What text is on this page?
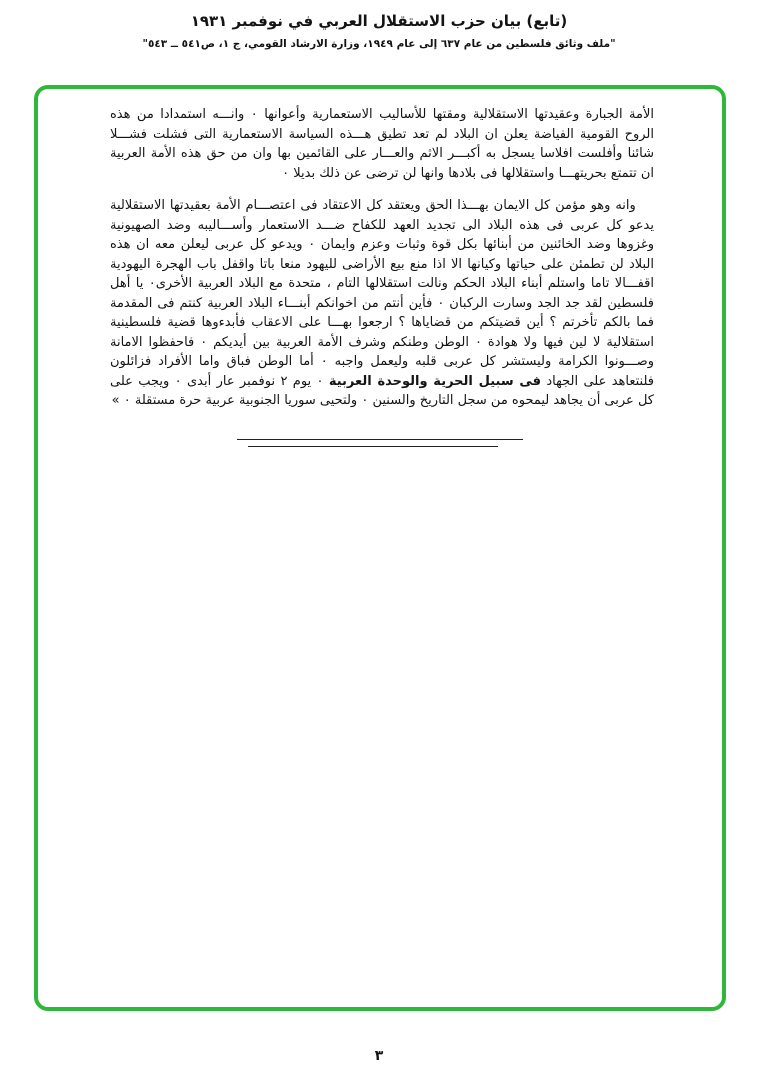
(تابع) بيان حزب الاستقلال العربي في نوفمبر ١٩٣١
"ملف وثائق فلسطين من عام ٦٣٧ إلى عام ١٩٤٩، وزارة الارشاد القومي، ج ١، ص٥٤١ ــ ٥٤٣"

الأمة الجبارة وعقيدتها الاستقلالية ومقتها للأساليب الاستعمارية وأعوانها ٠ وانـــه استمدادا من هذه الروح القومية الفياضة يعلن ان البلاد لم تعد تطيق هـــذه السياسة الاستعمارية التى فشلت فشـــلا شائنا وأفلست افلاسا يسجل به أكبـــر الاثم والعـــار على القائمين بها وان من حق هذه الأمة العربية ان تتمتع بحريتهـــا واستقلالها فى بلادها وانها لن ترضى عن ذلك بديلا ٠

وانه وهو مؤمن كل الايمان بهـــذا الحق ويعتقد كل الاعتقاد فى اعتصـــام الأمة بعقيدتها الاستقلالية يدعو كل عربى فى هذه البلاد الى تجديد العهد للكفاح ضـــد الاستعمار وأســـاليبه وضد الصهيونية وغزوها وضد الخائنين من أبنائها بكل قوة وثبات وعزم وايمان ٠ ويدعو كل عربى ليعلن معه ان هذه البلاد لن تطمئن على حياتها وكيانها الا اذا منع بيع الأراضى لليهود منعا باتا واقفل باب الهجرة اليهودية اقفـــالا تاما واستلم أبناء البلاد الحكم ونالت استقلالها التام ، متحدة مع البلاد العربية الأخرى٠ يا أهل فلسطين لقد جد الجد وسارت الركبان ٠ فأين أنتم من اخوانكم أبنـــاء البلاد العربية كنتم فى المقدمة فما بالكم تأخرتم ؟ أين قضيتكم من قضاياها ؟ ارجعوا بهـــا على الاعقاب فأبدءوها قضية فلسطينية استقلالية لا لين فيها ولا هوادة ٠ الوطن وطنكم وشرف الأمة العربية بين أيديكم ٠ فاحفظوا الامانة وصـــونوا الكرامة وليستشر كل عربى قلبه وليعمل واجبه ٠ أما الوطن فباق واما الأفراد فزائلون فلنتعاهد على الجهاد فى سبيل الحرية والوحدة العربية ٠ يوم ٢ نوفمبر عار أبدى ٠ ويجب على كل عربى أن يجاهد ليمحوه من سجل التاريخ والسنين ٠ ولتحيى سوريا الجنوبية عربية حرة مستقلة ٠ »

٣
